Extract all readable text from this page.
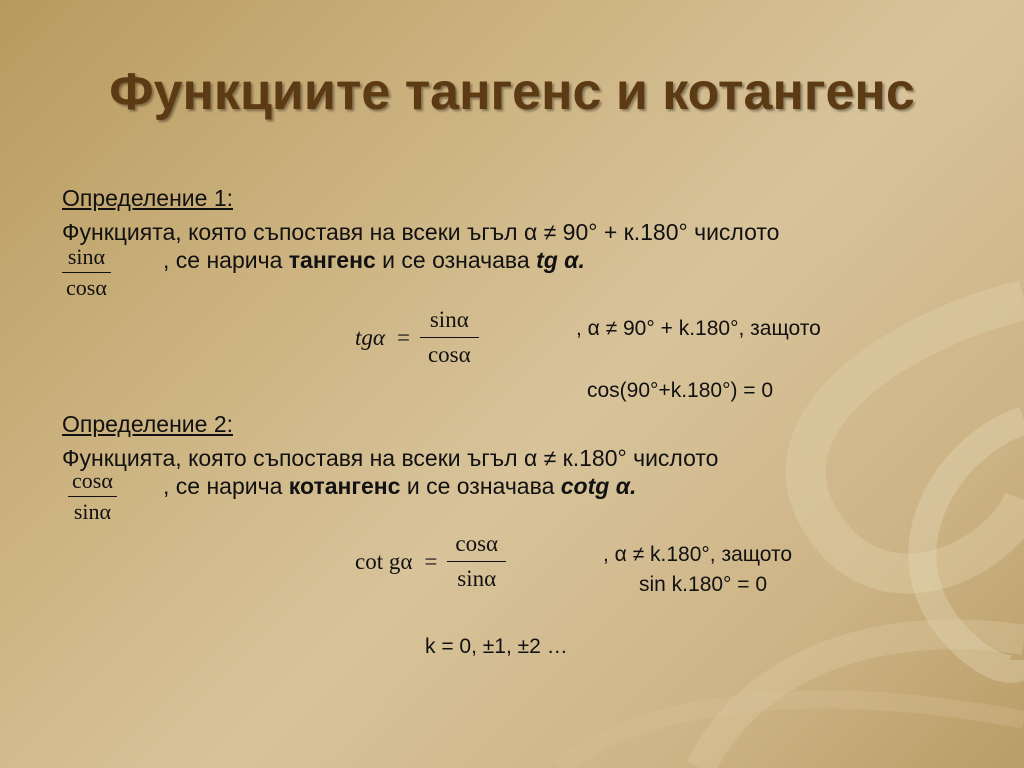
Функциите тангенс и котангенс
Определение 1:
Функцията, която съпоставя на всеки ъгъл α ≠ 90° + к.180° числото
sinα
cosα
, се нарича тангенс и се означава tg α.
$tg\alpha = \frac{\sin\alpha}{\cos\alpha}$	, α ≠ 90° + k.180°, защото
cos(90°+k.180°) = 0
Определение 2:
Функцията, която съпоставя на всеки ъгъл α ≠ к.180° числото
cosα
sinα
, се нарича котангенс и се означава cotg α.
$\cot g\alpha = \frac{\cos\alpha}{\sin\alpha}$	, α ≠ k.180°, защото
sin k.180° = 0
k = 0, ±1, ±2 …
